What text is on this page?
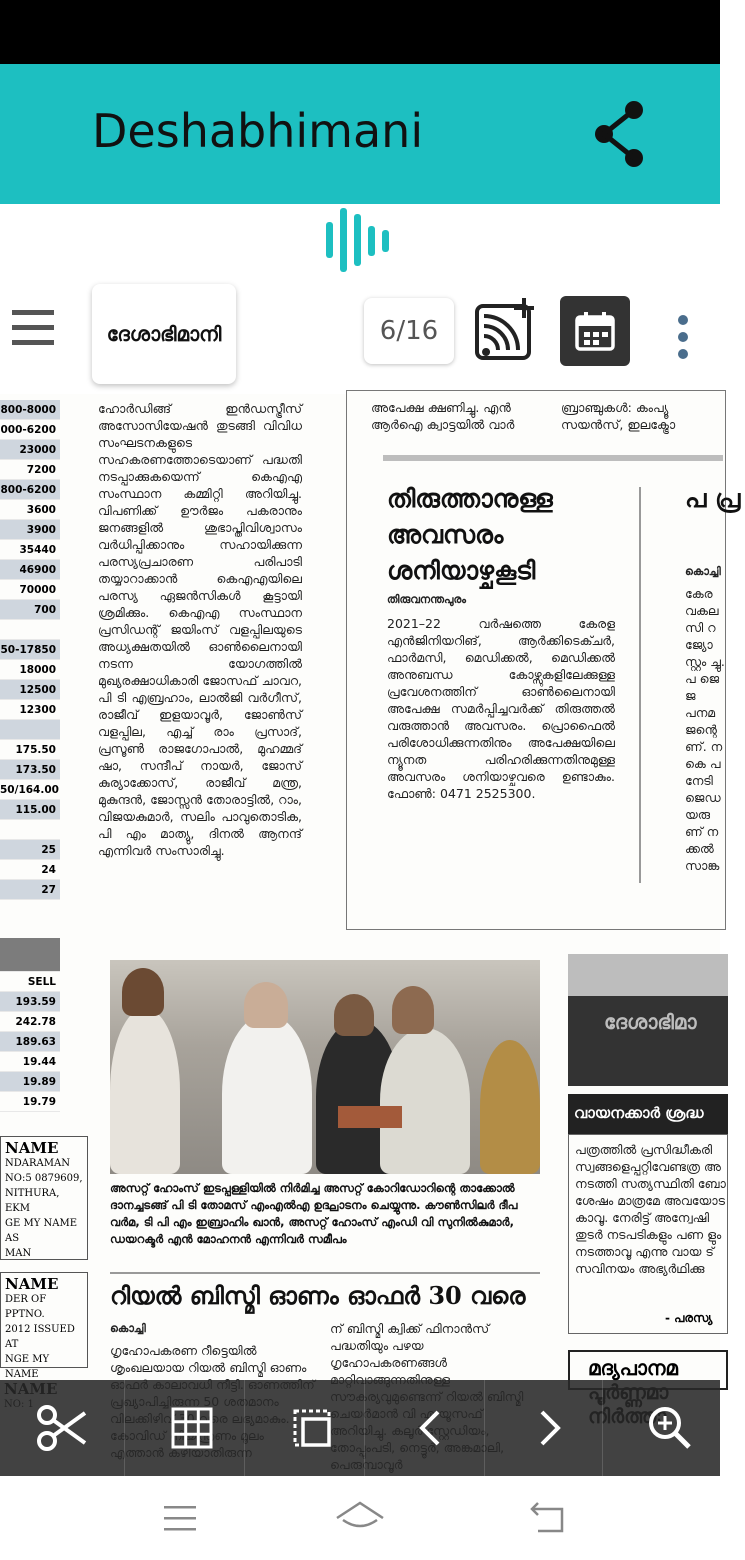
Deshabhimani
ദേശാഭിമാനി	6/16
800-8000
000-6200
23000
7200
800-6200
3600
3900
35440
46900
70000
700
50-17850
18000
12500
12300
175.50
173.50
50/164.00
115.00
25
24
27
SELL
193.59
242.78
189.63
19.44
19.89
19.79
NAME
NDARAMAN
NO:5 0879609,
NITHURA, EKM
GE MY NAME AS
MAN
NAME
DER OF PPTNO.
2012 ISSUED AT
NGE MY NAME
ഹോർഡിങ്ങ് ഇൻഡസ്ട്രീസ് അസോസിയേഷൻ തുടങ്ങി വിവിധ സംഘടനകളുടെ സഹകരണത്തോടെയാണ് പദ്ധതി നടപ്പാക്കുകയെന്ന് കെഎഎ സംസ്ഥാന കമ്മിറ്റി അറിയിച്ചു. വിപണിക്ക് ഊർജം പകരാനും ജനങ്ങളിൽ ശുഭാപ്തിവിശ്വാസം വർധിപ്പിക്കാനും സഹായിക്കുന്ന പരസ്യപ്രചാരണ പരിപാടി തയ്യാറാക്കാൻ കെഎഎയിലെ പരസ്യ ഏജൻസികൾ കൂട്ടായി ശ്രമിക്കും. കെഎഎ സംസ്ഥാന പ്രസിഡന്റ് ജയിംസ് വളപ്പിലയുടെ അധ്യക്ഷതയിൽ ഓൺലൈനായി നടന്ന യോഗത്തിൽ മുഖ്യരക്ഷാധികാരി ജോസഫ് ചാവറ, പി ടി എബ്രഹാം, ലാൽജി വർഗീസ്, രാജീവ് ഇളയാവൂർ, ജോൺസ് വളപ്പില, എച്ച് രാം പ്രസാദ്, പ്രസൂൺ രാജഗോപാൽ, മുഹമ്മദ് ഷാ, സന്ദീപ് നായർ, ജോസ് കുര്യാക്കോസ്, രാജീവ് മന്ത്ര, മുകുന്ദൻ, ജോസ്സൻ തോരാട്ടിൽ, റാം, വിജയകുമാർ, സലിം പാവുതൊടിക, പി എം മാത്യു, ദിനൽ ആനന്ദ് എന്നിവർ സംസാരിച്ചു.
അപേക്ഷ ക്ഷണിച്ചു. എൻ ആർഐ ക്വാട്ടയിൽ വാർ
ബ്രാഞ്ചുകൾ: കംപ്യൂ സയൻസ്, ഇലക്ട്രോ
തിരുത്താനുള്ള അവസരം ശനിയാഴ്ചകൂടി
തിരുവനന്തപുരം
2021–22 വർഷത്തെ കേരള എൻജിനിയറിങ്, ആർക്കിടെക്ചർ, ഫാർമസി, മെഡിക്കൽ, മെഡിക്കൽ അനുബന്ധ കോഴ്സുകളിലേക്കുള്ള പ്രവേശനത്തിന് ഓൺലൈനായി അപേക്ഷ സമർപ്പിച്ചവർക്ക് തിരുത്തൽ വരുത്താൻ അവസരം. പ്രൊഫൈൽ പരിശോധിക്കുന്നതിനും അപേക്ഷയിലെ ന്യൂനത പരിഹരിക്കുന്നതിനുമുള്ള അവസരം ശനിയാഴ്ചവരെ ഉണ്ടാകും. ഫോൺ: 0471 2525300.
പ പ്ര
കൊച്ചി
കേര വകല സി റ ജ്യോ സ്റ്റം ച്ചു. പ ജെ ജ പനമ ജന്റെ ണ്. ന കെ പ നേടി ജെഡ യരു ണ് ന ക്കൽ സാങ്ക
അസറ്റ് ഹോംസ് ഇടപ്പള്ളിയിൽ നിർമിച്ച അസറ്റ് കോറിഡോറിന്റെ താക്കോൽ ദാനച്ചടങ്ങ് പി ടി തോമസ് എംഎൽഎ ഉദ്ഘാടനം ചെയ്യുന്നു. കൗൺസിലർ ദീപ വർമ, ടി പി എം ഇബ്രാഹിം ഖാൻ, അസറ്റ് ഹോംസ് എംഡി വി സുനിൽകുമാർ, ഡയറക്ടർ എൻ മോഹനൻ എന്നിവർ സമീപം
റിയൽ ബിസ്മി ഓണം ഓഫർ 30 വരെ
കൊച്ചി
ഗൃഹോപകരണ റീട്ടെയിൽ ശൃംഖലയായ റിയൽ ബിസ്മി ഓണം
ന് ബിസ്മി ക്വിക്ക് ഫിനാൻസ് പദ്ധതിയും പഴയ ഗൃഹോപകരണങ്ങൾ
ദേശാഭിമാ
വായനക്കാർ ശ്രദ്ധ
പത്രത്തിൽ പ്രസിദ്ധീകരി സ്വങ്ങളെപ്പറ്റിവേണ്ടത്ര അ നടത്തി സത്യസ്ഥിതി ബോ ശേഷം മാത്രമേ അവയോട കാവൂ. നേരിട്ട് അന്വേഷി തുടർ നടപടികളും പണ ളും നടത്താവൂ എന്നു വായ ട് സവിനയം അഭ്യർഥിക്കു
- പരസ്യ
മദ്യപാനമ
